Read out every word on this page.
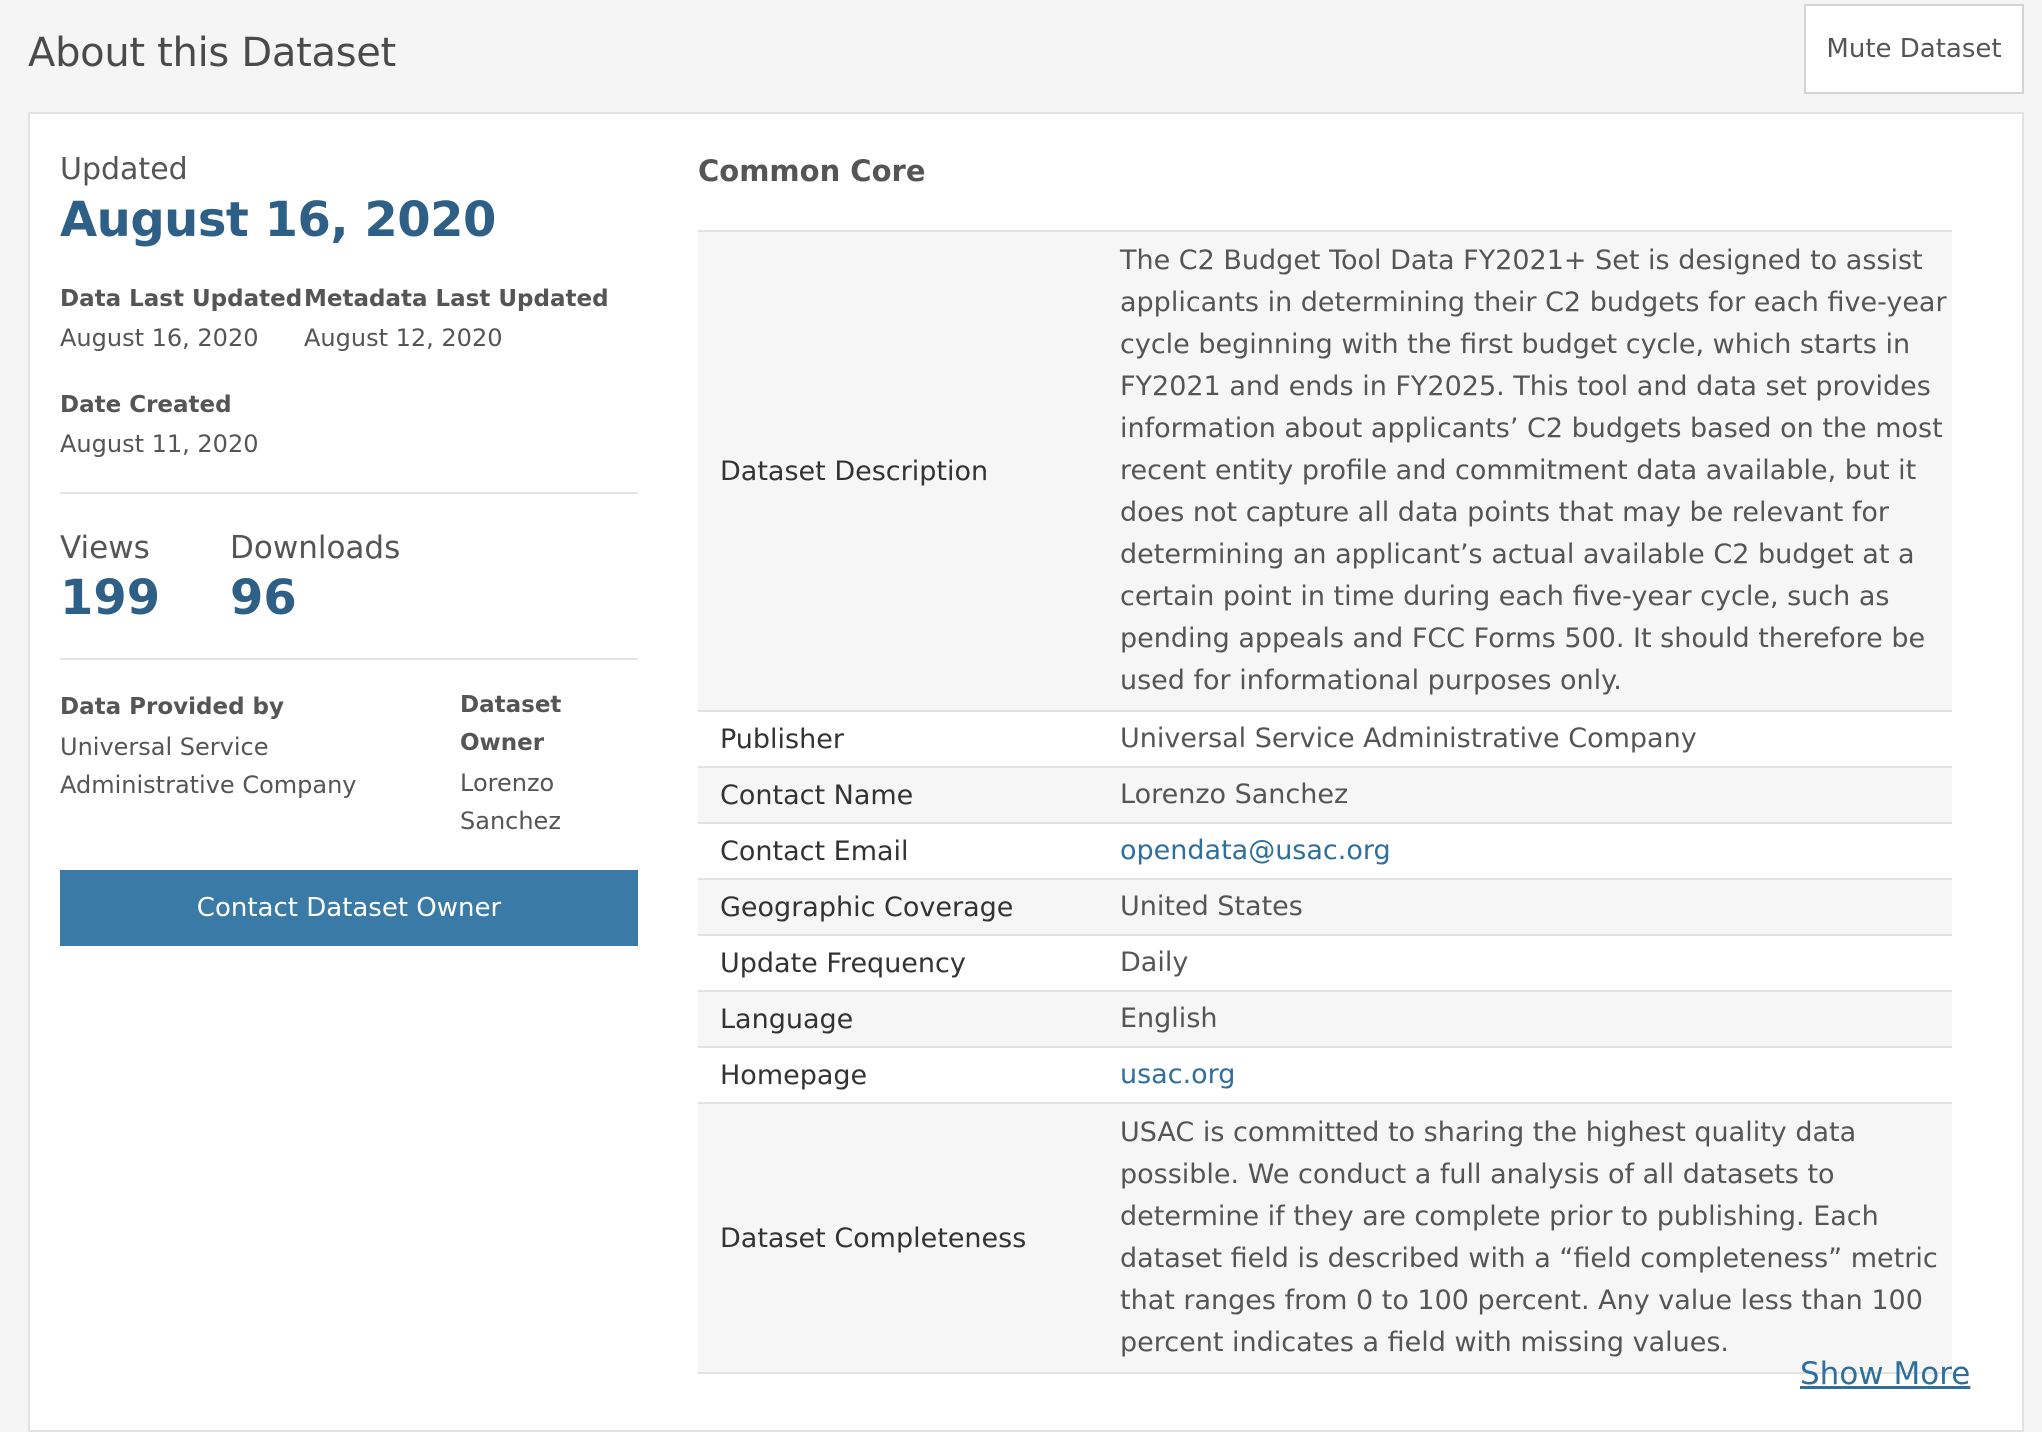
About this Dataset	Mute Dataset
Updated
August 16, 2020
Data Last Updated
August 16, 2020
Metadata Last Updated
August 12, 2020
Date Created
August 11, 2020
Views
199
Downloads
96
Data Provided by
Universal Service Administrative Company
Dataset Owner
Lorenzo Sanchez
Contact Dataset Owner
Common Core
Dataset Description
The C2 Budget Tool Data FY2021+ Set is designed to assist applicants in determining their C2 budgets for each five-year cycle beginning with the first budget cycle, which starts in FY2021 and ends in FY2025. This tool and data set provides information about applicants’ C2 budgets based on the most recent entity profile and commitment data available, but it does not capture all data points that may be relevant for determining an applicant’s actual available C2 budget at a certain point in time during each five-year cycle, such as pending appeals and FCC Forms 500. It should therefore be used for informational purposes only.
Publisher	Universal Service Administrative Company
Contact Name	Lorenzo Sanchez
Contact Email	opendata@usac.org
Geographic Coverage	United States
Update Frequency	Daily
Language	English
Homepage	usac.org
Dataset Completeness
USAC is committed to sharing the highest quality data possible. We conduct a full analysis of all datasets to determine if they are complete prior to publishing. Each dataset field is described with a “field completeness” metric that ranges from 0 to 100 percent. Any value less than 100 percent indicates a field with missing values.
Show More
